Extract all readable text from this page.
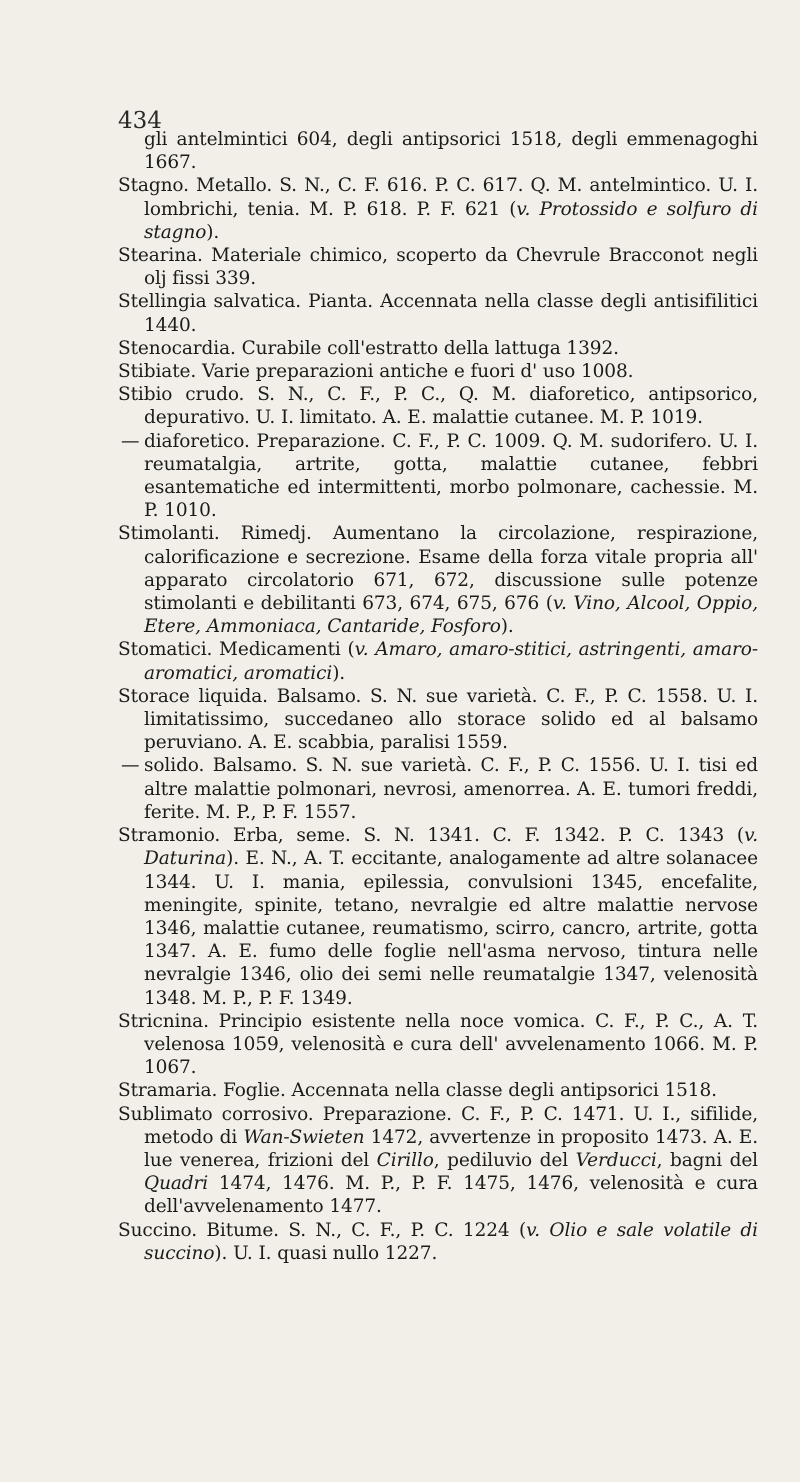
434

gli antelmintici 604, degli antipsorici 1518, degli emmenagoghi 1667.

Stagno. Metallo. S. N., C. F. 616. P. C. 617. Q. M. antelmintico. U. I. lombrichi, tenia. M. P. 618. P. F. 621 (v. Protossido e solfuro di stagno).

Stearina. Materiale chimico, scoperto da Chevrule Bracconot negli olj fissi 339.

Stellingia salvatica. Pianta. Accennata nella classe degli antisifilitici 1440.

Stenocardia. Curabile coll'estratto della lattuga 1392.

Stibiate. Varie preparazioni antiche e fuori d' uso 1008.

Stibio crudo. S. N., C. F., P. C., Q. M. diaforetico, antipsorico, depurativo. U. I. limitato. A. E. malattie cutanee. M. P. 1019.

— diaforetico. Preparazione. C. F., P. C. 1009. Q. M. sudorifero. U. I. reumatalgia, artrite, gotta, malattie cutanee, febbri esantematiche ed intermittenti, morbo polmonare, cachessie. M. P. 1010.

Stimolanti. Rimedj. Aumentano la circolazione, respirazione, calorificazione e secrezione. Esame della forza vitale propria all' apparato circolatorio 671, 672, discussione sulle potenze stimolanti e debilitanti 673, 674, 675, 676 (v. Vino, Alcool, Oppio, Etere, Ammoniaca, Cantaride, Fosforo).

Stomatici. Medicamenti (v. Amaro, amaro-stitici, astringenti, amaro-aromatici, aromatici).

Storace liquida. Balsamo. S. N. sue varietà. C. F., P. C. 1558. U. I. limitatissimo, succedaneo allo storace solido ed al balsamo peruviano. A. E. scabbia, paralisi 1559.

— solido. Balsamo. S. N. sue varietà. C. F., P. C. 1556. U. I. tisi ed altre malattie polmonari, nevrosi, amenorrea. A. E. tumori freddi, ferite. M. P., P. F. 1557.

Stramonio. Erba, seme. S. N. 1341. C. F. 1342. P. C. 1343 (v. Daturina). E. N., A. T. eccitante, analogamente ad altre solanacee 1344. U. I. mania, epilessia, convulsioni 1345, encefalite, meningite, spinite, tetano, nevralgie ed altre malattie nervose 1346, malattie cutanee, reumatismo, scirro, cancro, artrite, gotta 1347. A. E. fumo delle foglie nell'asma nervoso, tintura nelle nevralgie 1346, olio dei semi nelle reumatalgie 1347, velenosità 1348. M. P., P. F. 1349.

Stricnina. Principio esistente nella noce vomica. C. F., P. C., A. T. velenosa 1059, velenosità e cura dell' avvelenamento 1066. M. P. 1067.

Stramaria. Foglie. Accennata nella classe degli antipsorici 1518.

Sublimato corrosivo. Preparazione. C. F., P. C. 1471. U. I., sifilide, metodo di Wan-Swieten 1472, avvertenze in proposito 1473. A. E. lue venerea, frizioni del Cirillo, pediluvio del Verducci, bagni del Quadri 1474, 1476. M. P., P. F. 1475, 1476, velenosità e cura dell'avvelenamento 1477.

Succino. Bitume. S. N., C. F., P. C. 1224 (v. Olio e sale volatile di succino). U. I. quasi nullo 1227.
